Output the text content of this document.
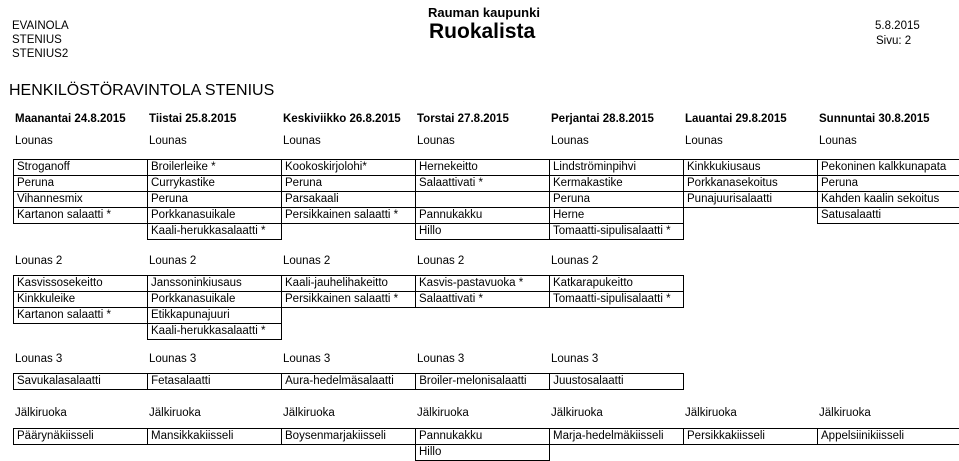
EVAINOLA
STENIUS
STENIUS2
Rauman kaupunki
Ruokalista	5.8.2015
Sivu: 2
HENKILÖSTÖRAVINTOLA STENIUS
Maanantai 24.8.2015 Tiistai 25.8.2015	Keskiviikko 26.8.2015 Torstai 27.8.2015	Perjantai 28.8.2015	Lauantai 29.8.2015	Sunnuntai 30.8.2015
Lounas	Lounas	Lounas	Lounas	Lounas	Lounas	Lounas
Stroganoff	Broilerleike *	Kookoskirjolohi*	Hernekeitto	Lindströminpihvi	Kinkkukiusaus	Pekoninen kalkkunapata
Peruna	Currykastike	Peruna	Salaattivati *	Kermakastike	Porkkanasekoitus	Peruna
Vihannesmix	Peruna	Parsakaali		Peruna	Punajuurisalaatti	Kahden kaalin sekoitus
Kartanon salaatti *	Porkkanasuikale	Persikkainen salaatti *	Pannukakku	Herne		Satusalaatti
	Kaali-herukkasalaatti *		Hillo	Tomaatti-sipulisalaatti *		
Lounas 2	Lounas 2	Lounas 2	Lounas 2	Lounas 2
Kasvissosekeitto	Janssoninkiusaus	Kaali-jauhelihakeitto	Kasvis-pastavuoka *	Katkarapukeitto		
Kinkkuleike	Porkkanasuikale	Persikkainen salaatti *	Salaattivati *	Tomaatti-sipulisalaatti *		
Kartanon salaatti *	Etikkapunajuuri					
	Kaali-herukkasalaatti *					
Lounas 3	Lounas 3	Lounas 3	Lounas 3	Lounas 3
Savukalasalaatti	Fetasalaatti	Aura-hedelmäsalaatti	Broiler-melonisalaatti	Juustosalaatti		
Jälkiruoka	Jälkiruoka	Jälkiruoka	Jälkiruoka	Jälkiruoka	Jälkiruoka	Jälkiruoka
Päärynäkiisseli	Mansikkakiisseli	Boysenmarjakiisseli	Pannukakku	Marja-hedelmäkiisseli	Persikkakiisseli	Appelsiinikiisseli
			Hillo			
